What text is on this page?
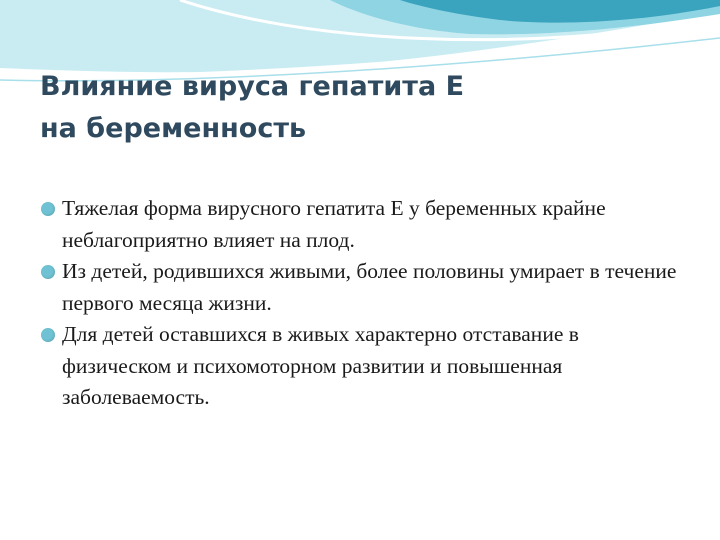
Влияние вируса гепатита Е
на беременность
Тяжелая форма вирусного гепатита Е у беременных крайне неблагоприятно влияет на плод.
Из детей, родившихся живыми, более половины умирает в течение первого месяца жизни.
Для детей оставшихся в живых характерно отставание в физическом и психомоторном развитии и повышенная заболеваемость.
